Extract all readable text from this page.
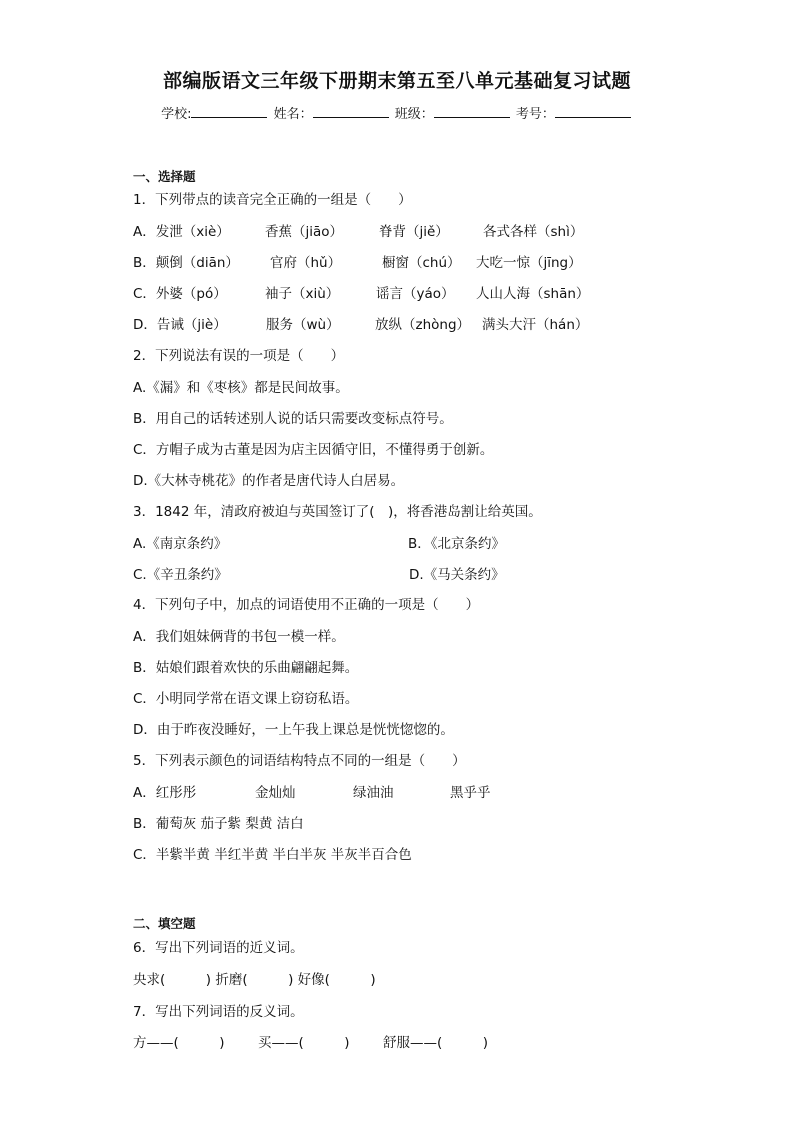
部编版语文三年级下册期末第五至八单元基础复习试题
学校:	姓名：	班级：	考号：
一、选择题
1．下列带点的读音完全正确的一组是（　　）
A．发泄（xiè）	香蕉（jiāo）	脊背（jiě）	各式各样（shì）
B．颠倒（diān） 官府（hǔ）	橱窗（chú） 大吃一惊（jīng）
C．外婆（pó）	袖子（xiù）	谣言（yáo） 人山人海（shān）
D．告诫（jiè）	服务（wù）	放纵（zhòng） 满头大汗（hán）
2．下列说法有误的一项是（　　）
A.《漏》和《枣核》都是民间故事。
B．用自己的话转述别人说的话只需要改变标点符号。
C．方帽子成为古董是因为店主因循守旧，不懂得勇于创新。
D.《大林寺桃花》的作者是唐代诗人白居易。
3．1842 年，清政府被迫与英国签订了(　)，将香港岛割让给英国。
A.《南京条约》	B．《北京条约》
C.《辛丑条约》	D.《马关条约》
4．下列句子中，加点的词语使用不正确的一项是（　　）
A．我们姐妹俩背的书包一模一样。
B．姑娘们跟着欢快的乐曲翩翩起舞。
C．小明同学常在语文课上窃窃私语。
D．由于昨夜没睡好，一上午我上课总是恍恍惚惚的。
5．下列表示颜色的词语结构特点不同的一组是（　　）
A．红彤彤	金灿灿	绿油油	黑乎乎
B．葡萄灰 茄子紫 梨黄 洁白
C．半紫半黄 半红半黄 半白半灰 半灰半百合色
二、填空题
6．写出下列词语的近义词。
央求(　　　) 折磨(　　　) 好像(　　　)
7．写出下列词语的反义词。
方——(　　　) 买——(　　　) 舒服——(　　　)
